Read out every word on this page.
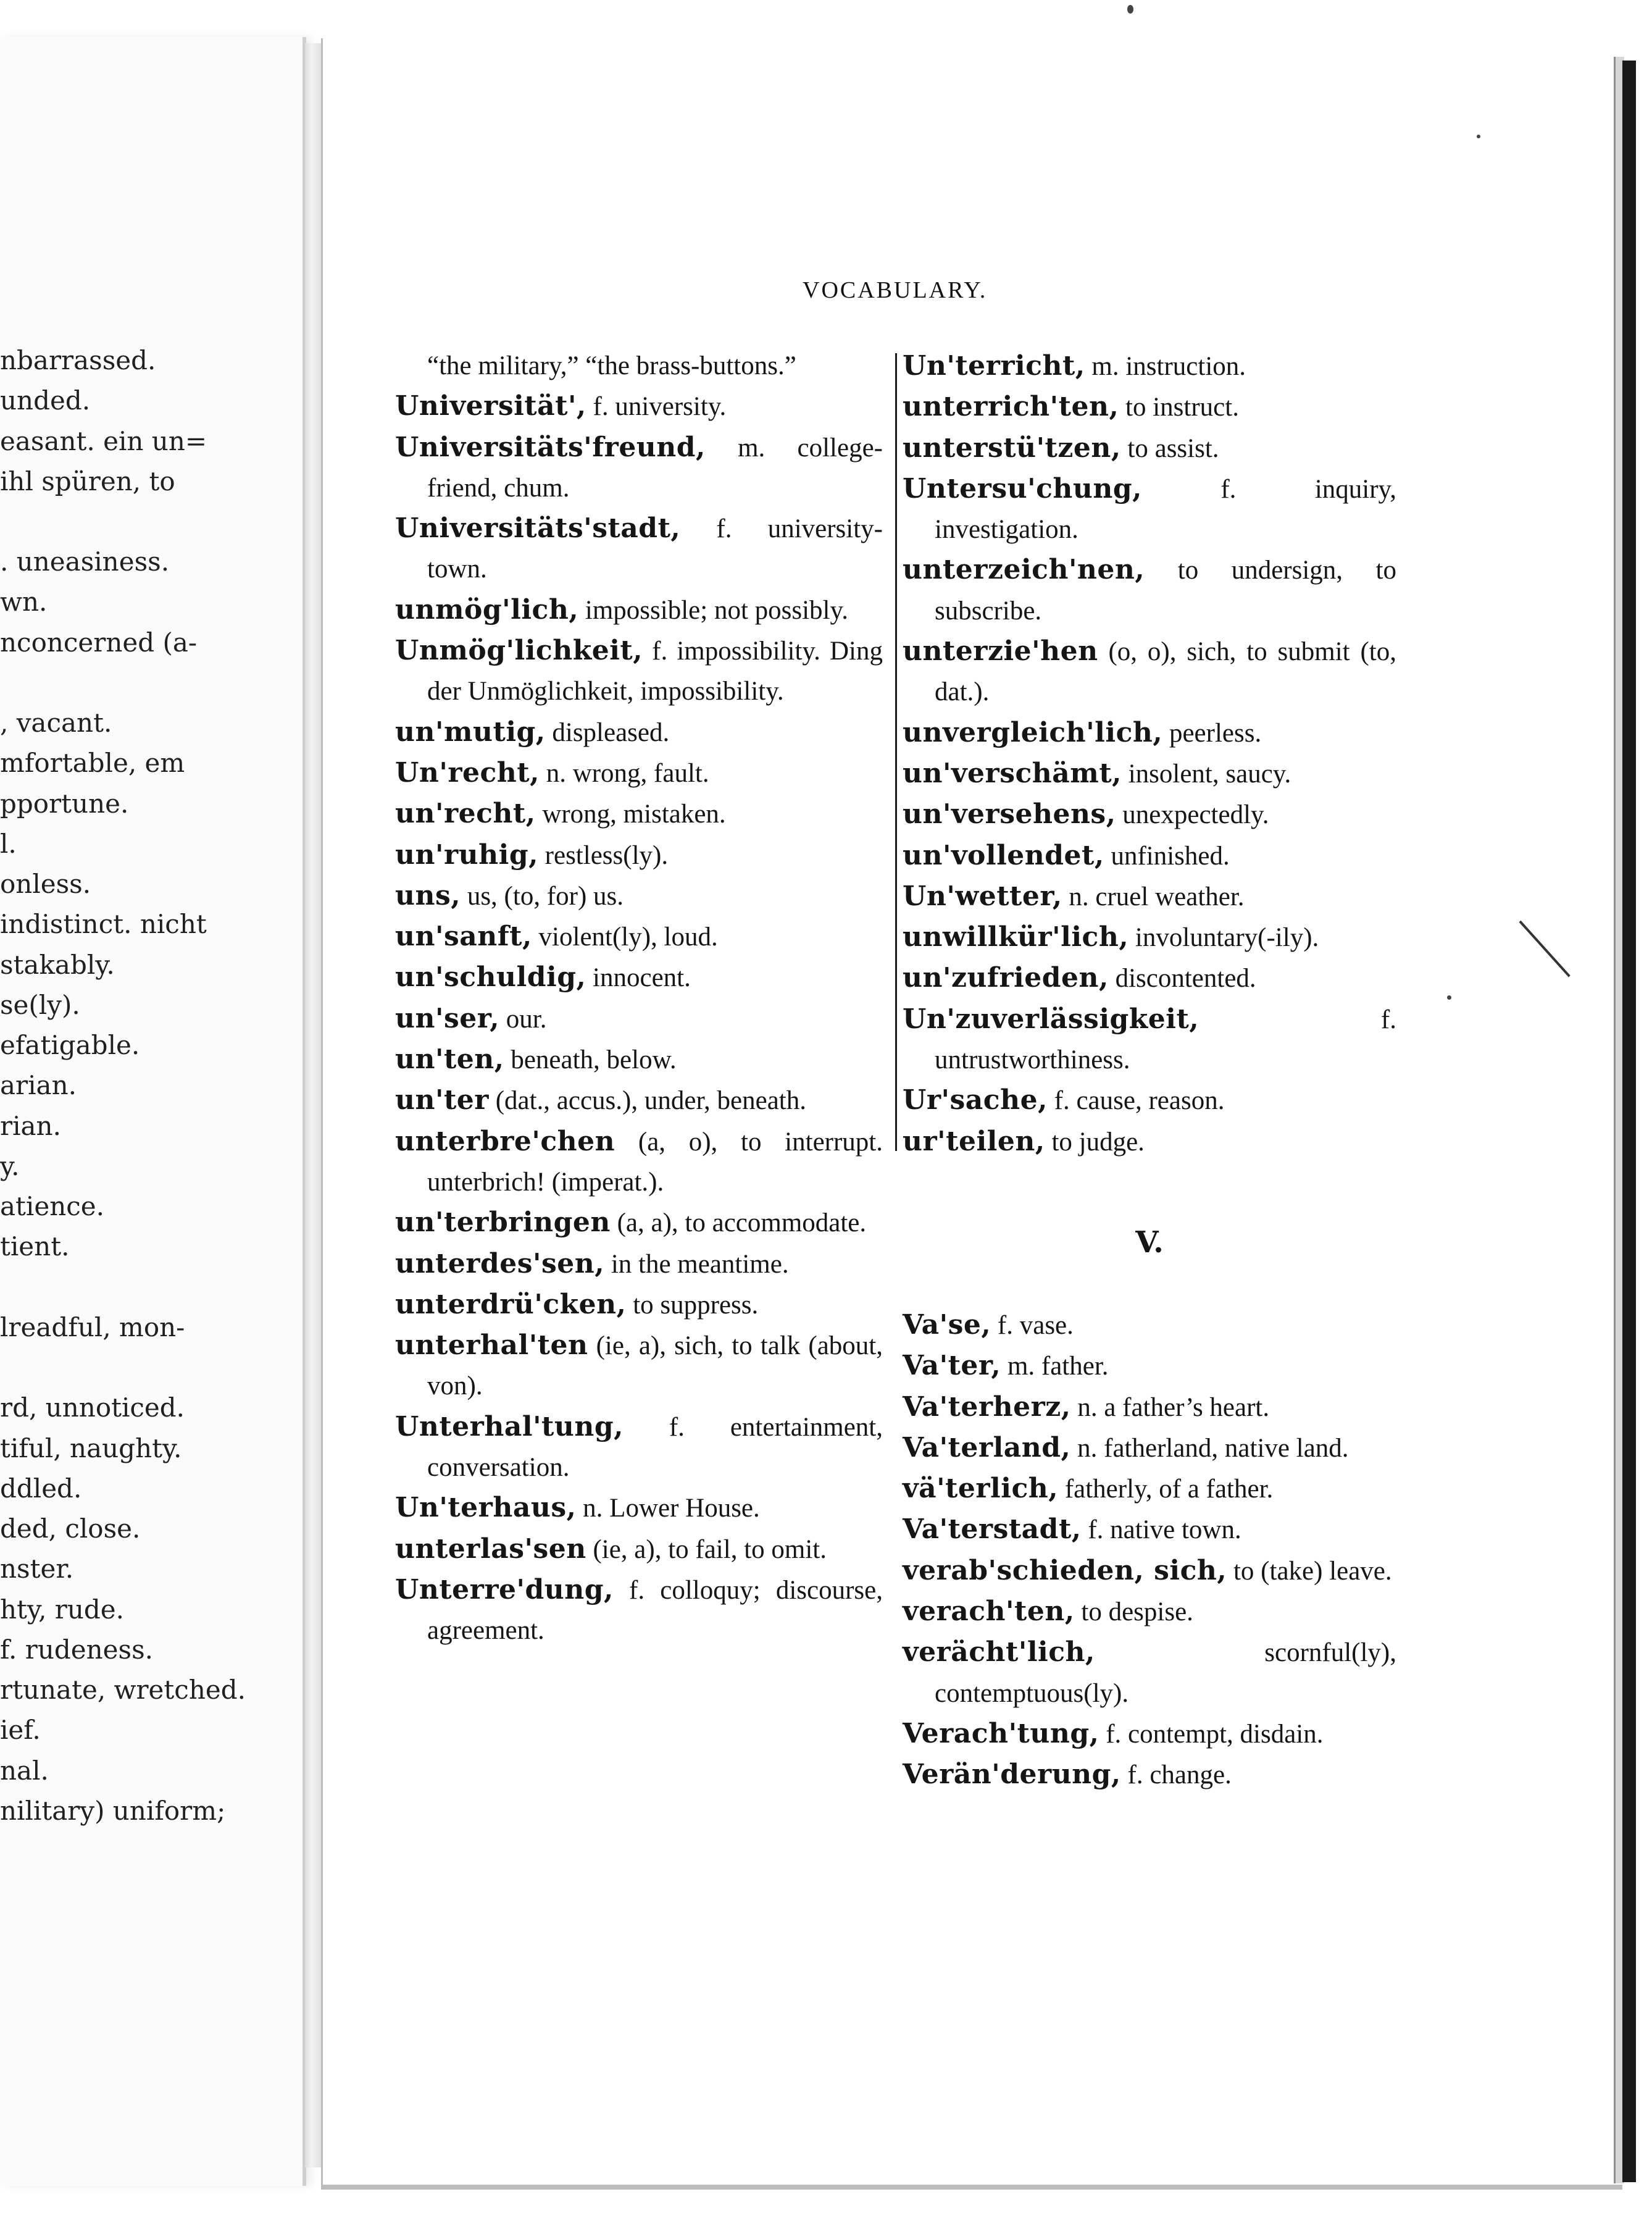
nbarrassed.
unded.
easant. ein un=
ihl spüren, to
. uneasiness.
wn.
nconcerned (a-
, vacant.
mfortable, em
pportune.
l.
onless.
indistinct. nicht
stakably.
se(ly).
efatigable.
arian.
rian.
y.
atience.
tient.
lreadful, mon-
rd, unnoticed.
tiful, naughty.
ddled.
ded, close.
nster.
hty, rude.
f. rudeness.
rtunate, wretched.
ief.
nal.
nilitary) uniform;
VOCABULARY.

“the military,” “the brass-buttons.”

Universität', f. university.

Universitäts'freund, m. college-friend, chum.

Universitäts'stadt, f. university-town.

unmög'lich, impossible; not possibly.

Unmög'lichkeit, f. impossibility. Ding der Unmöglichkeit, impossibility.

un'mutig, displeased.

Un'recht, n. wrong, fault.

un'recht, wrong, mistaken.

un'ruhig, restless(ly).

uns, us, (to, for) us.

un'sanft, violent(ly), loud.

un'schuldig, innocent.

un'ser, our.

un'ten, beneath, below.

un'ter (dat., accus.), under, beneath.

unterbre'chen (a, o), to interrupt. unterbrich! (imperat.).

un'terbringen (a, a), to accommodate.

unterdes'sen, in the meantime.

unterdrü'cken, to suppress.

unterhal'ten (ie, a), sich, to talk (about, von).

Unterhal'tung, f. entertainment, conversation.

Un'terhaus, n. Lower House.

unterlas'sen (ie, a), to fail, to omit.

Unterre'dung, f. colloquy; discourse, agreement.

Un'terricht, m. instruction.

unterrich'ten, to instruct.

unterstü'tzen, to assist.

Untersu'chung, f. inquiry, investigation.

unterzeich'nen, to undersign, to subscribe.

unterzie'hen (o, o), sich, to submit (to, dat.).

unvergleich'lich, peerless.

un'verschämt, insolent, saucy.

un'versehens, unexpectedly.

un'vollendet, unfinished.

Un'wetter, n. cruel weather.

unwillkür'lich, involuntary(-ily).

un'zufrieden, discontented.

Un'zuverlässigkeit, f. untrustworthiness.

Ur'sache, f. cause, reason.

ur'teilen, to judge.

V.

Va'se, f. vase.

Va'ter, m. father.

Va'terherz, n. a father’s heart.

Va'terland, n. fatherland, native land.

vä'terlich, fatherly, of a father.

Va'terstadt, f. native town.

verab'schieden, sich, to (take) leave.

verach'ten, to despise.

verächt'lich, scornful(ly), contemptuous(ly).

Verach'tung, f. contempt, disdain.

Verän'derung, f. change.
